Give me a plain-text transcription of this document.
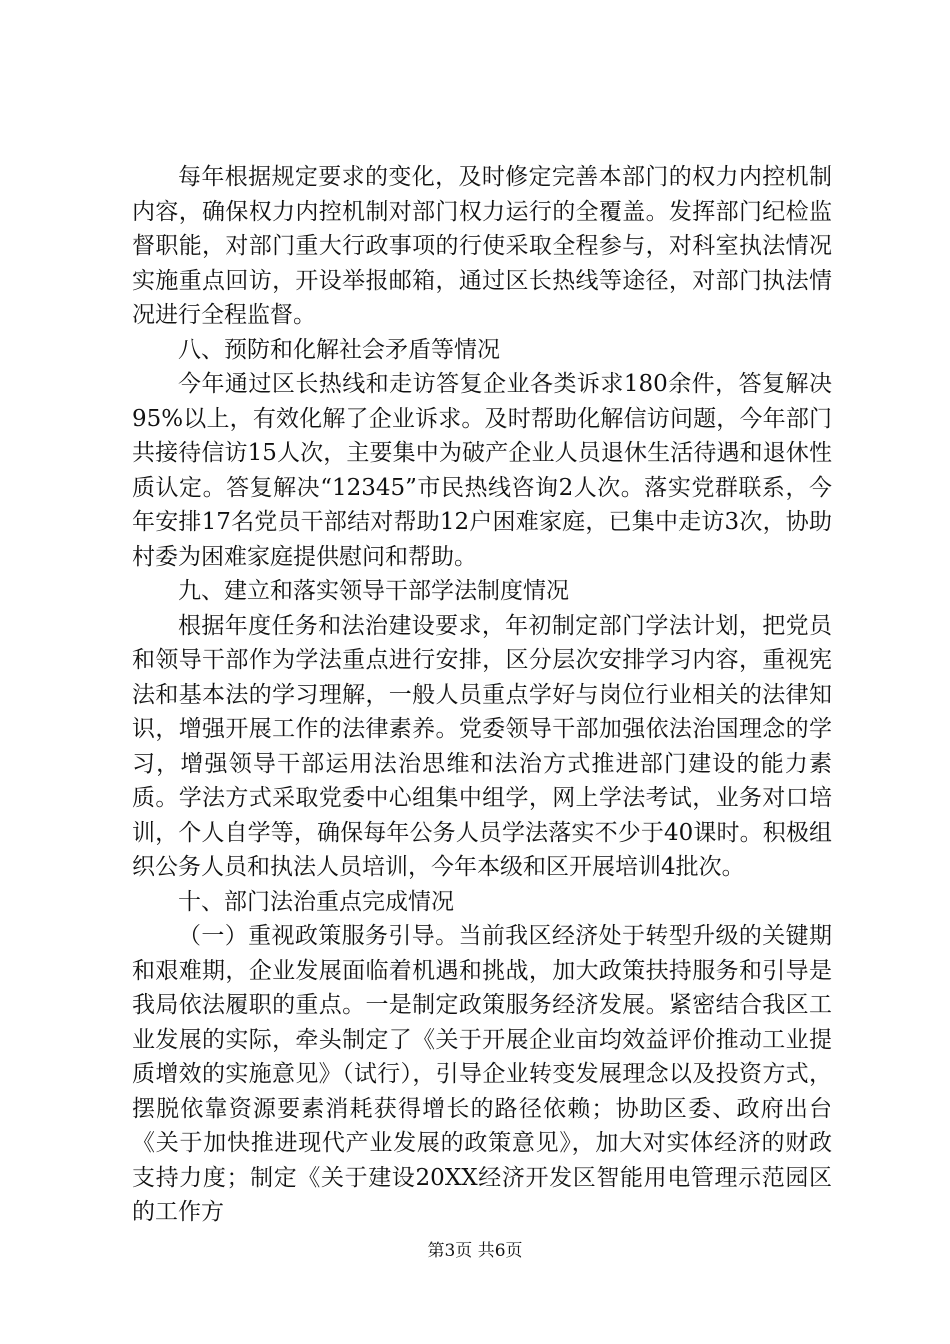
每年根据规定要求的变化，及时修定完善本部门的权力内控机制内容，确保权力内控机制对部门权力运行的全覆盖。发挥部门纪检监督职能，对部门重大行政事项的行使采取全程参与，对科室执法情况实施重点回访，开设举报邮箱，通过区长热线等途径，对部门执法情况进行全程监督。

八、预防和化解社会矛盾等情况

今年通过区长热线和走访答复企业各类诉求180余件，答复解决95%以上，有效化解了企业诉求。及时帮助化解信访问题，今年部门共接待信访15人次，主要集中为破产企业人员退休生活待遇和退休性质认定。答复解决“12345”市民热线咨询2人次。落实党群联系，今年安排17名党员干部结对帮助12户困难家庭，已集中走访3次，协助村委为困难家庭提供慰问和帮助。

九、建立和落实领导干部学法制度情况

根据年度任务和法治建设要求，年初制定部门学法计划，把党员和领导干部作为学法重点进行安排，区分层次安排学习内容，重视宪法和基本法的学习理解，一般人员重点学好与岗位行业相关的法律知识，增强开展工作的法律素养。党委领导干部加强依法治国理念的学习，增强领导干部运用法治思维和法治方式推进部门建设的能力素质。学法方式采取党委中心组集中组学，网上学法考试，业务对口培训，个人自学等，确保每年公务人员学法落实不少于40课时。积极组织公务人员和执法人员培训，今年本级和区开展培训4批次。

十、部门法治重点完成情况

（一）重视政策服务引导。当前我区经济处于转型升级的关键期和艰难期，企业发展面临着机遇和挑战，加大政策扶持服务和引导是我局依法履职的重点。一是制定政策服务经济发展。紧密结合我区工业发展的实际，牵头制定了《关于开展企业亩均效益评价推动工业提质增效的实施意见》（试行），引导企业转变发展理念以及投资方式，摆脱依靠资源要素消耗获得增长的路径依赖；协助区委、政府出台《关于加快推进现代产业发展的政策意见》，加大对实体经济的财政支持力度；制定《关于建设20XX经济开发区智能用电管理示范园区的工作方

第3页 共6页
